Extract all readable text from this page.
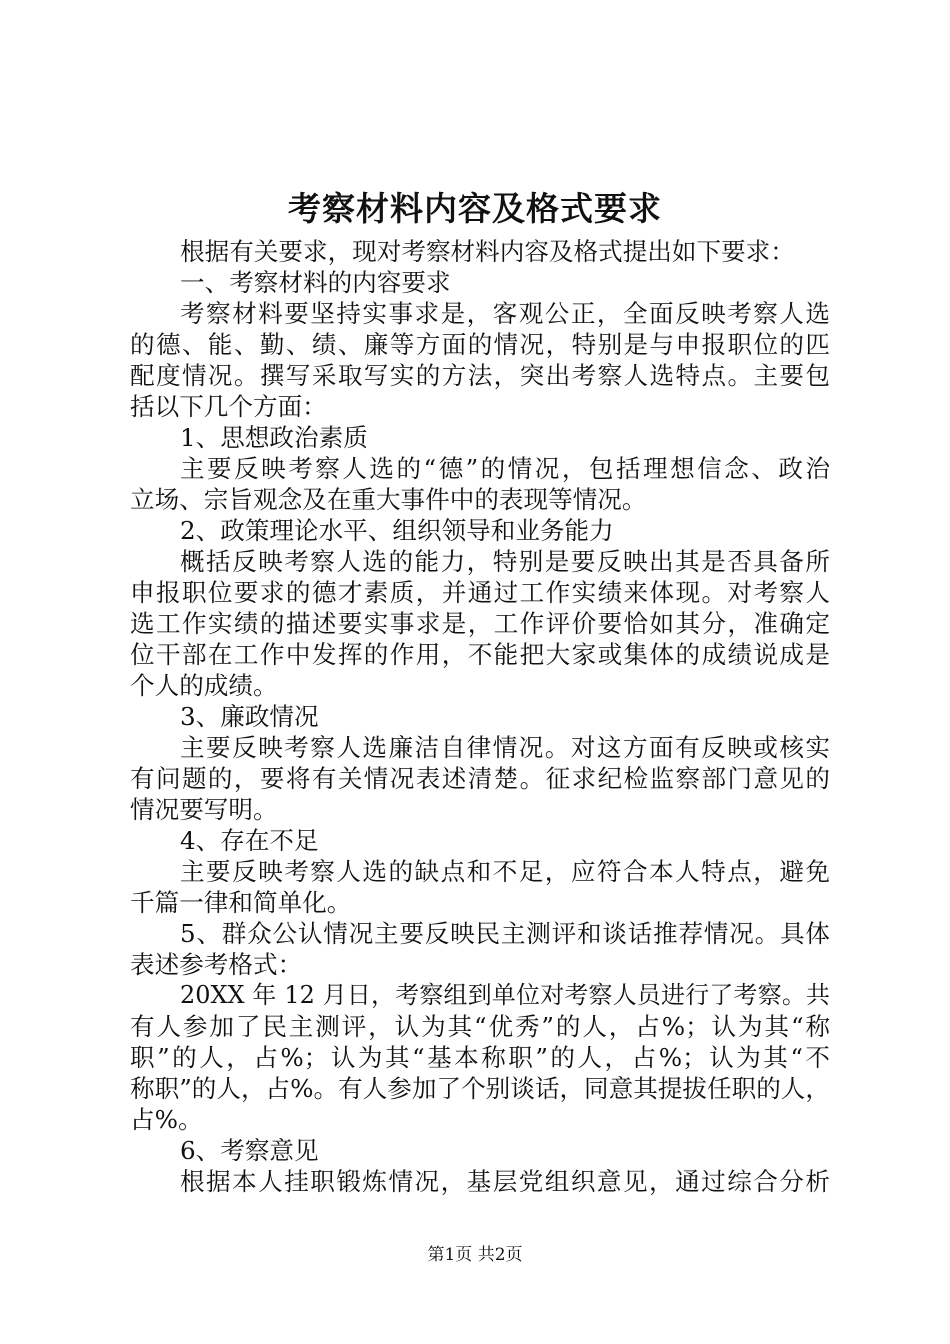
考察材料内容及格式要求
根据有关要求，现对考察材料内容及格式提出如下要求：
一、考察材料的内容要求
考察材料要坚持实事求是，客观公正，全面反映考察人选
的德、能、勤、绩、廉等方面的情况，特别是与申报职位的匹
配度情况。撰写采取写实的方法，突出考察人选特点。主要包
括以下几个方面：
1、思想政治素质
主要反映考察人选的“德”的情况，包括理想信念、政治
立场、宗旨观念及在重大事件中的表现等情况。
2、政策理论水平、组织领导和业务能力
概括反映考察人选的能力，特别是要反映出其是否具备所
申报职位要求的德才素质，并通过工作实绩来体现。对考察人
选工作实绩的描述要实事求是，工作评价要恰如其分，准确定
位干部在工作中发挥的作用，不能把大家或集体的成绩说成是
个人的成绩。
3、廉政情况
主要反映考察人选廉洁自律情况。对这方面有反映或核实
有问题的，要将有关情况表述清楚。征求纪检监察部门意见的
情况要写明。
4、存在不足
主要反映考察人选的缺点和不足，应符合本人特点，避免
千篇一律和简单化。
5、群众公认情况主要反映民主测评和谈话推荐情况。具体
表述参考格式：
20XX 年 12 月日，考察组到单位对考察人员进行了考察。共
有人参加了民主测评，认为其“优秀”的人，占%；认为其“称
职”的人，占%；认为其“基本称职”的人，占%；认为其“不
称职”的人，占%。有人参加了个别谈话，同意其提拔任职的人，
占%。
6、考察意见
根据本人挂职锻炼情况，基层党组织意见，通过综合分析
第1页 共2页
